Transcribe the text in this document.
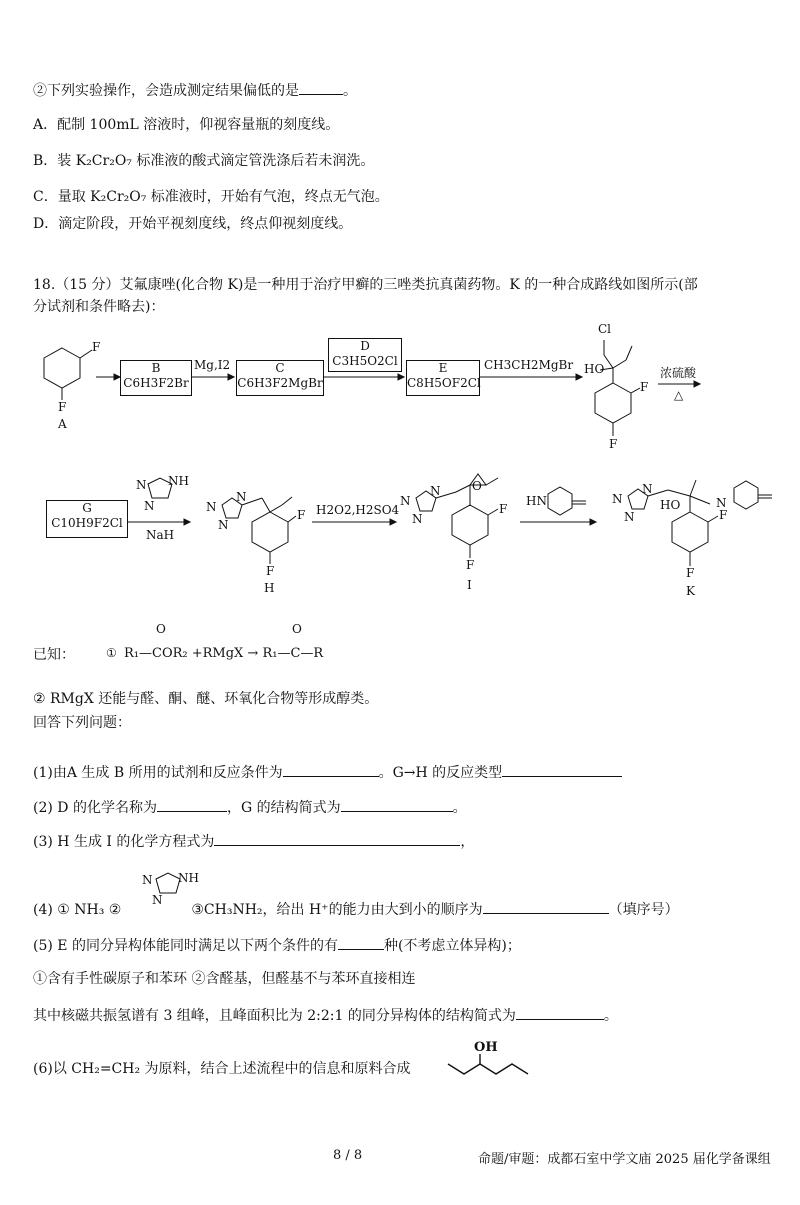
②下列实验操作，会造成测定结果偏低的是	。
A．配制 100mL 溶液时，仰视容量瓶的刻度线。
B．装 K₂Cr₂O₇ 标准液的酸式滴定管洗涤后若未润洗。
C．量取 K₂Cr₂O₇ 标准液时，开始有气泡，终点无气泡。
D．滴定阶段，开始平视刻度线，终点仰视刻度线。
18.（15 分）艾氟康唑(化合物 K)是一种用于治疗甲癣的三唑类抗真菌药物。K 的一种合成路线如图所示(部
分试剂和条件略去)：
F
F
A
B
C6H3F2Br
Mg,I2	C
C6H3F2MgBr
D
C3H5O2Cl	E
C8H5OF2Cl
CH3CH2MgBr
Cl
HO
F
F
浓硫酸
△
G
C10H9F2Cl
N NH
N
NaH
N
N
N
F
F
H
H2O2,H2SO4
N
N
N
O
F
F
I
HN	N
N
N
HO	N
F
F
K
已知：	①
O	O
R₁—COR₂ +RMgX → R₁—C—R
② RMgX 还能与醛、酮、醚、环氧化合物等形成醇类。
回答下列问题：
(1)由A 生成 B 所用的试剂和反应条件为	。G→H 的反应类型
(2) D 的化学名称为	，G 的结构简式为	。
(3) H 生成 I 的化学方程式为	，
N NH
N
(4) ① NH₃ ②	③CH₃NH₂，给出 H⁺的能力由大到小的顺序为	（填序号）
(5) E 的同分异构体能同时满足以下两个条件的有	种(不考虑立体异构)；
①含有手性碳原子和苯环 ②含醛基，但醛基不与苯环直接相连
其中核磁共振氢谱有 3 组峰，且峰面积比为 2:2:1 的同分异构体的结构简式为	。
(6)以 CH₂=CH₂ 为原料，结合上述流程中的信息和原料合成
OH
8 / 8	命题/审题：成都石室中学文庙 2025 届化学备课组
